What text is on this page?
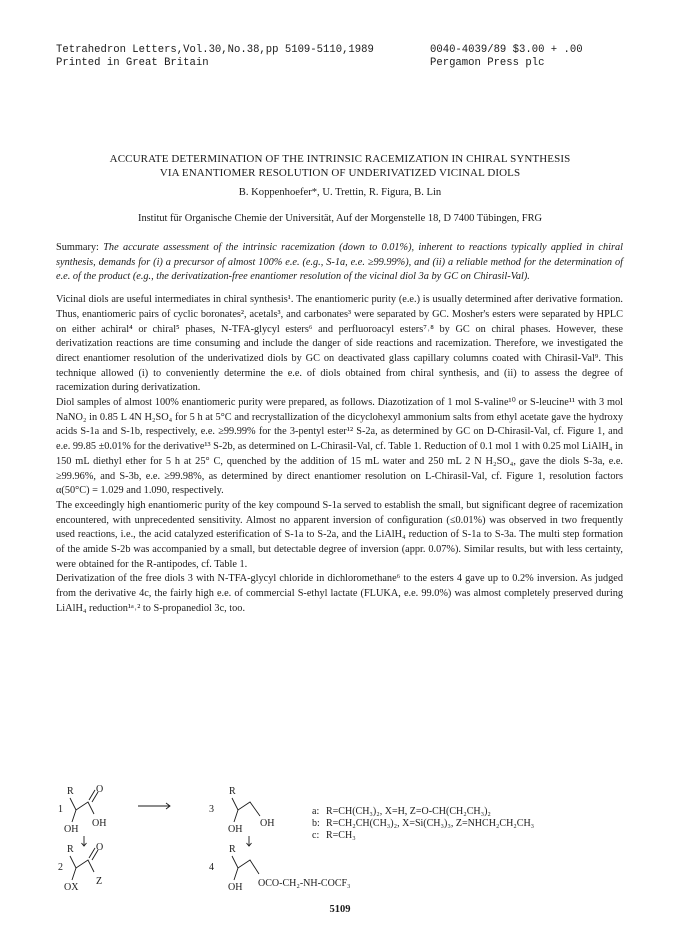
Tetrahedron Letters,Vol.30,No.38,pp 5109-5110,1989
Printed in Great Britain
0040-4039/89 $3.00 + .00
Pergamon Press plc
ACCURATE DETERMINATION OF THE INTRINSIC RACEMIZATION IN CHIRAL SYNTHESIS
VIA ENANTIOMER RESOLUTION OF UNDERIVATIZED VICINAL DIOLS
B. Koppenhoefer*, U. Trettin, R. Figura, B. Lin
Institut für Organische Chemie der Universität, Auf der Morgenstelle 18, D 7400 Tübingen, FRG

Summary: The accurate assessment of the intrinsic racemization (down to 0.01%), inherent to reactions typically applied in chiral synthesis, demands for (i) a precursor of almost 100% e.e. (e.g., S-1a, e.e. ≥99.99%), and (ii) a reliable method for the determination of e.e. of the product (e.g., the derivatization-free enantiomer resolution of the vicinal diol 3a by GC on Chirasil-Val).

Vicinal diols are useful intermediates in chiral synthesis¹. The enantiomeric purity (e.e.) is usually determined after derivative formation. Thus, enantiomeric pairs of cyclic boronates², acetals³, and carbonates³ were separated by GC. Mosher's esters were separated by HPLC on either achiral⁴ or chiral⁵ phases, N-TFA-glycyl esters⁶ and perfluoroacyl esters⁷˒⁸ by GC on chiral phases. However, these derivatization reactions are time consuming and include the danger of side reactions and racemization. Therefore, we investigated the direct enantiomer resolution of the underivatized diols by GC on deactivated glass capillary columns coated with Chirasil-Val⁹. This technique allowed (i) to conveniently determine the e.e. of diols obtained from chiral synthesis, and (ii) to assess the degree of racemization during derivatization.

Diol samples of almost 100% enantiomeric purity were prepared, as follows. Diazotization of 1 mol S-valine¹⁰ or S-leucine¹¹ with 3 mol NaNO₂ in 0.85 L 4N H₂SO₄ for 5 h at 5°C and recrystallization of the dicyclohexyl ammonium salts from ethyl acetate gave the hydroxy acids S-1a and S-1b, respectively, e.e. ≥99.99% for the 3-pentyl ester¹² S-2a, as determined by GC on D-Chirasil-Val, cf. Figure 1, and e.e. 99.85 ±0.01% for the derivative¹³ S-2b, as determined on L-Chirasil-Val, cf. Table 1. Reduction of 0.1 mol 1 with 0.25 mol LiAlH₄ in 150 mL diethyl ether for 5 h at 25° C, quenched by the addition of 15 mL water and 250 mL 2 N H₂SO₄, gave the diols S-3a, e.e. ≥99.96%, and S-3b, e.e. ≥99.98%, as determined by direct enantiomer resolution on L-Chirasil-Val, cf. Figure 1, resolution factors α(50°C) = 1.029 and 1.090, respectively.

The exceedingly high enantiomeric purity of the key compound S-1a served to establish the small, but significant degree of racemization encountered, with unprecedented sensitivity. Almost no apparent inversion of configuration (≤0.01%) was observed in two frequently used reactions, i.e., the acid catalyzed esterification of S-1a to S-2a, and the LiAlH₄ reduction of S-1a to S-3a. The multi step formation of the amide S-2b was accompanied by a small, but detectable degree of inversion (appr. 0.07%). Similar results, but with less certainty, were obtained for the R-antipodes, cf. Table 1.

Derivatization of the free diols 3 with N-TFA-glycyl chloride in dichloromethane⁶ to the esters 4 gave up to 0.2% inversion. As judged from the derivative 4c, the fairly high e.e. of commercial S-ethyl lactate (FLUKA, e.e. 99.0%) was almost completely preserved during LiAlH₄ reduction¹ᵃ˒² to S-propanediol 3c, too.

1
R O
OH
OH
2
R O
OX
Z
3
R
OH
OH
4
R
OH OCO-CH₂-NH-COCF₃
a: R=CH(CH₃)₂, X=H, Z=O-CH(CH₂CH₃)₂
b: R=CH₂CH(CH₃)₂, X=Si(CH₃)₃, Z=NHCH₂CH₂CH₃
c: R=CH₃
5109
